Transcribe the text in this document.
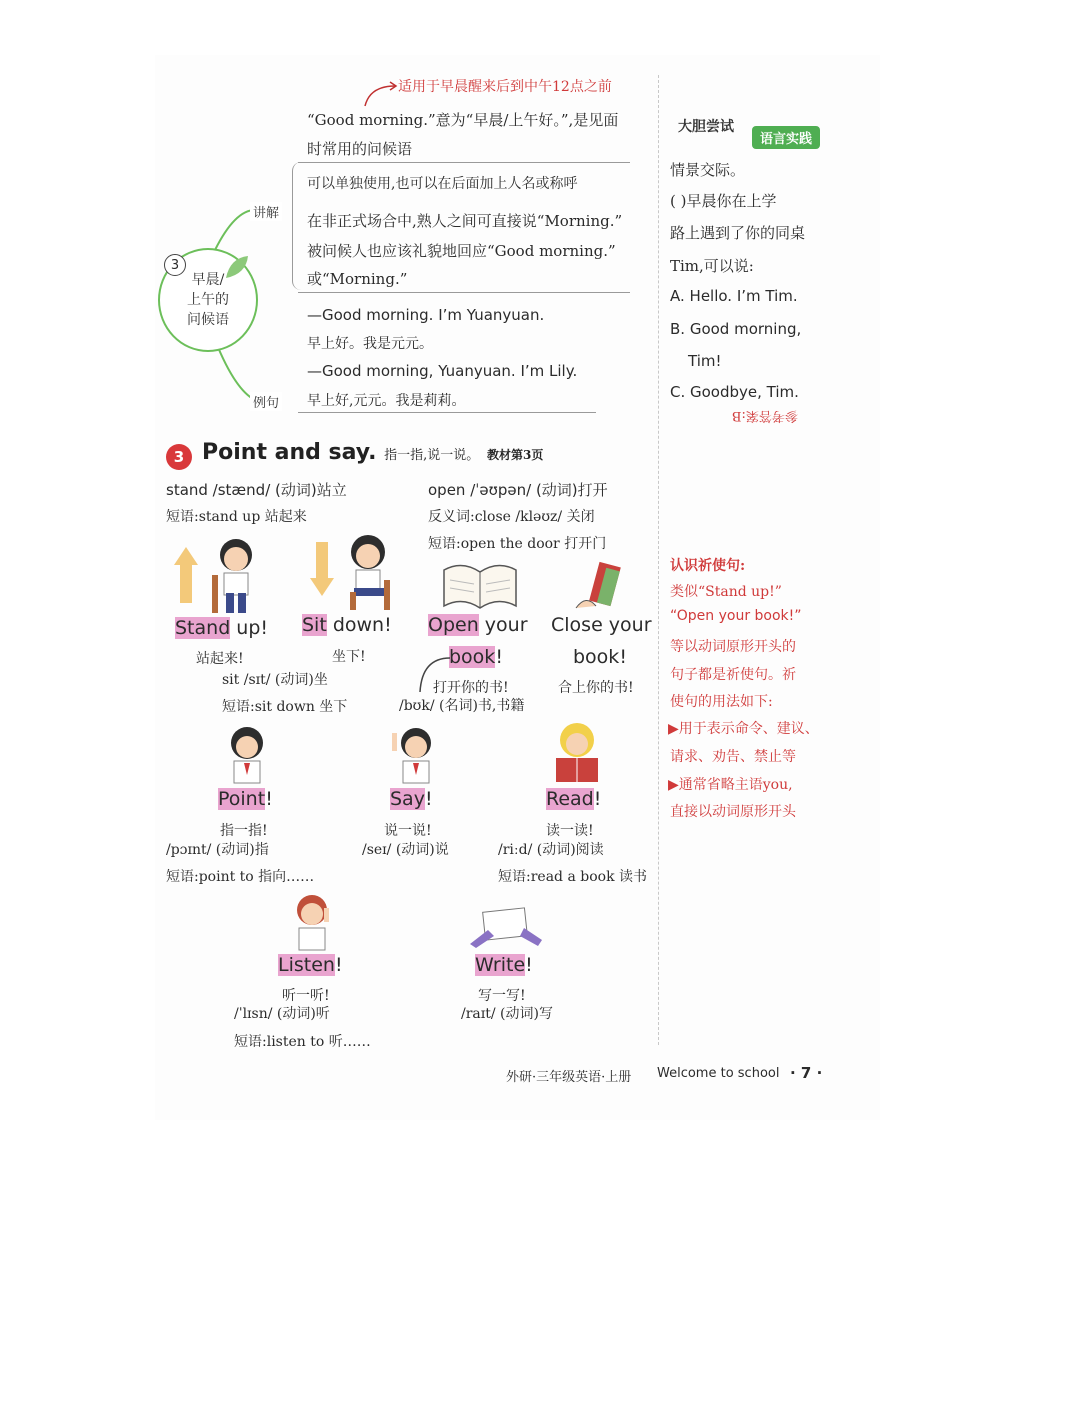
适用于早晨醒来后到中午12点之前
“Good morning.”意为“早晨/上午好。”,是见面
时常用的问候语
早晨/
上午的
问候语
3
讲解
可以单独使用,也可以在后面加上人名或称呼
在非正式场合中,熟人之间可直接说“Morning.”
被问候人也应该礼貌地回应“Good morning.”
或“Morning.”
例句
—Good morning. I’m Yuanyuan.
早上好。我是元元。
—Good morning, Yuanyuan. I’m Lily.
早上好,元元。我是莉莉。
大胆尝试
语言实践
情景交际。
( )早晨你在上学
路上遇到了你的同桌
Tim,可以说:
A. Hello. I’m Tim.
B. Good morning,
Tim!
C. Goodbye, Tim.
参考答案:B
3 Point and say. 指一指,说一说。 教材第3页
stand /stænd/ (动词)站立
短语:stand up 站起来
open /ˈəʊpən/ (动词)打开
反义词:close /kləʊz/ 关闭
短语:open the door 打开门
Stand up! Sit down! Open your
book!
Close your
book!
站起来!	坐下!
sit /sɪt/ (动词)坐
短语:sit down 坐下
打开你的书!
/bʊk/ (名词)书,书籍
合上你的书!
Point!	Say!	Read!
指一指!
/pɔɪnt/ (动词)指
短语:point to 指向……
说一说!
/seɪ/ (动词)说
读一读!
/riːd/ (动词)阅读
短语:read a book 读书
Listen!	Write!
听一听!
/ˈlɪsn/ (动词)听
短语:listen to 听……
写一写!
/raɪt/ (动词)写
认识祈使句:
类似“Stand up!”
“Open your book!”
等以动词原形开头的
句子都是祈使句。祈
使句的用法如下:
▶用于表示命令、建议、
请求、劝告、禁止等
▶通常省略主语you,
直接以动词原形开头
外研·三年级英语·上册 Welcome to school · 7 ·
